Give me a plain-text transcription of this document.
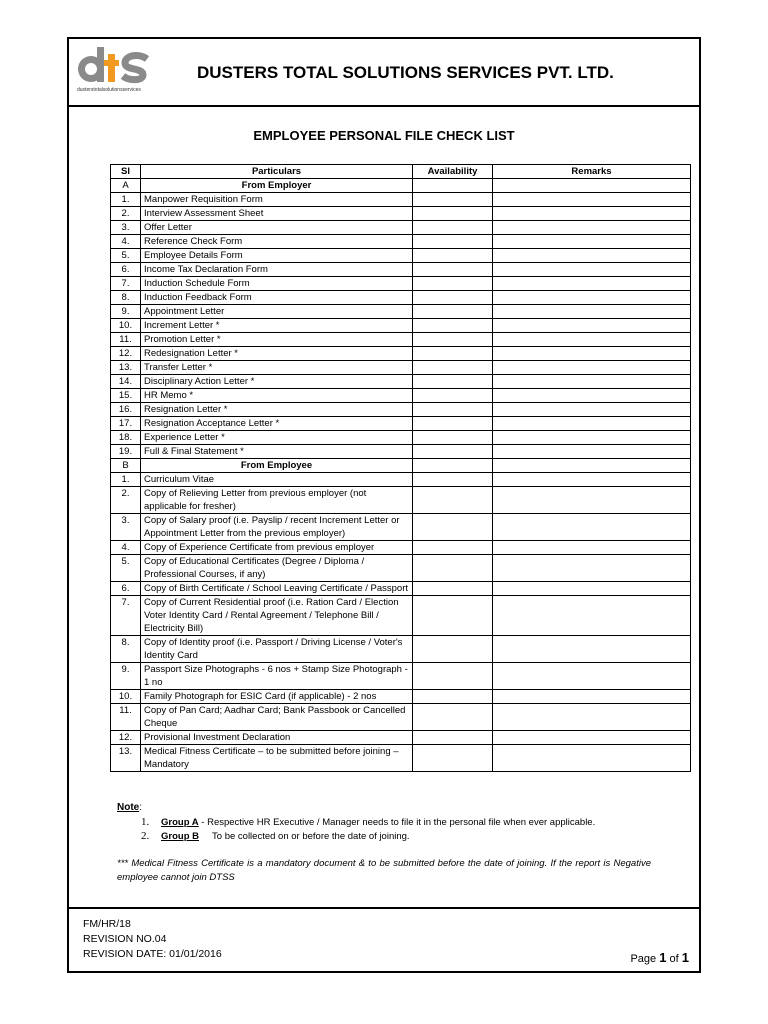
dusterstotalsolutionsservices
DUSTERS TOTAL SOLUTIONS SERVICES PVT. LTD.
EMPLOYEE PERSONAL FILE CHECK LIST
Sl	Particulars	Availability	Remarks
A	From Employer		
1.	Manpower Requisition Form		
2.	Interview Assessment Sheet		
3.	Offer Letter		
4.	Reference Check Form		
5.	Employee Details Form		
6.	Income Tax Declaration Form		
7.	Induction Schedule Form		
8.	Induction Feedback Form		
9.	Appointment Letter		
10.	Increment Letter *		
11.	Promotion Letter *		
12.	Redesignation Letter *		
13.	Transfer Letter *		
14.	Disciplinary Action Letter *		
15.	HR Memo *		
16.	Resignation Letter *		
17.	Resignation Acceptance Letter *		
18.	Experience Letter *		
19.	Full & Final Statement *		
B	From Employee		
1.	Curriculum Vitae		
2.	Copy of Relieving Letter from previous employer (not applicable for fresher)		
3.	Copy of Salary proof (i.e. Payslip / recent Increment Letter or Appointment Letter from the previous employer)		
4.	Copy of Experience Certificate from previous employer		
5.	Copy of Educational Certificates (Degree / Diploma / Professional Courses, if any)		
6.	Copy of Birth Certificate / School Leaving Certificate / Passport		
7.	Copy of Current Residential proof (i.e. Ration Card / Election Voter Identity Card / Rental Agreement / Telephone Bill / Electricity Bill)		
8.	Copy of Identity proof (i.e. Passport / Driving License / Voter's Identity Card		
9.	Passport Size Photographs - 6 nos + Stamp Size Photograph - 1 no		
10.	Family Photograph for ESIC Card (if applicable) - 2 nos		
11.	Copy of Pan Card; Aadhar Card; Bank Passbook or Cancelled Cheque		
12.	Provisional Investment Declaration		
13.	Medical Fitness Certificate – to be submitted before joining – Mandatory		
Note:
1. Group A - Respective HR Executive / Manager needs to file it in the personal file when ever applicable.
2. Group B     To be collected on or before the date of joining.
*** Medical Fitness Certificate is a mandatory document & to be submitted before the date of joining. If the report is Negative employee cannot join DTSS
FM/HR/18
REVISION NO.04
REVISION DATE: 01/01/2016	Page 1 of 1
